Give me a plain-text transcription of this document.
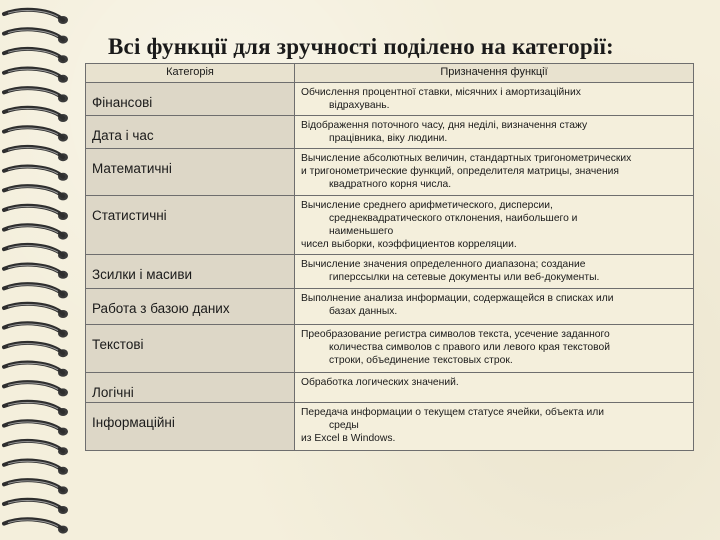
Всі функції для зручності поділено на категорії:
Категорія	Призначення функції
Фінансові	Обчислення процентної ставки, місячних і амортизаційних
відрахувань.

Дата і час	Відображення поточного часу, дня неділі, визначення стажу
працівника, віку людини.

Математичні	Вычисление абсолютных величин, стандартных тригонометрических
и тригонометрические функций, определителя матрицы, значения
квадратного корня числа.

Статистичні	Вычисление среднего арифметического, дисперсии,
среднеквадратического отклонения, наибольшего и
наименьшего
чисел выборки, коэффициентов корреляции.

Зсилки і масиви	Вычисление значения определенного диапазона; создание
гиперссылки на сетевые документы или веб-документы.

Работа з базою даних	Выполнение анализа информации, содержащейся в списках или
базах данных.

Текстові	Преобразование регистра символов текста, усечение заданного
количества символов с правого или левого края текстовой
строки, объединение текстовых строк.

Логічні	Обработка логических значений.

Інформаційні	Передача информации о текущем статусе ячейки, объекта или
среды
из Excel в Windows.
